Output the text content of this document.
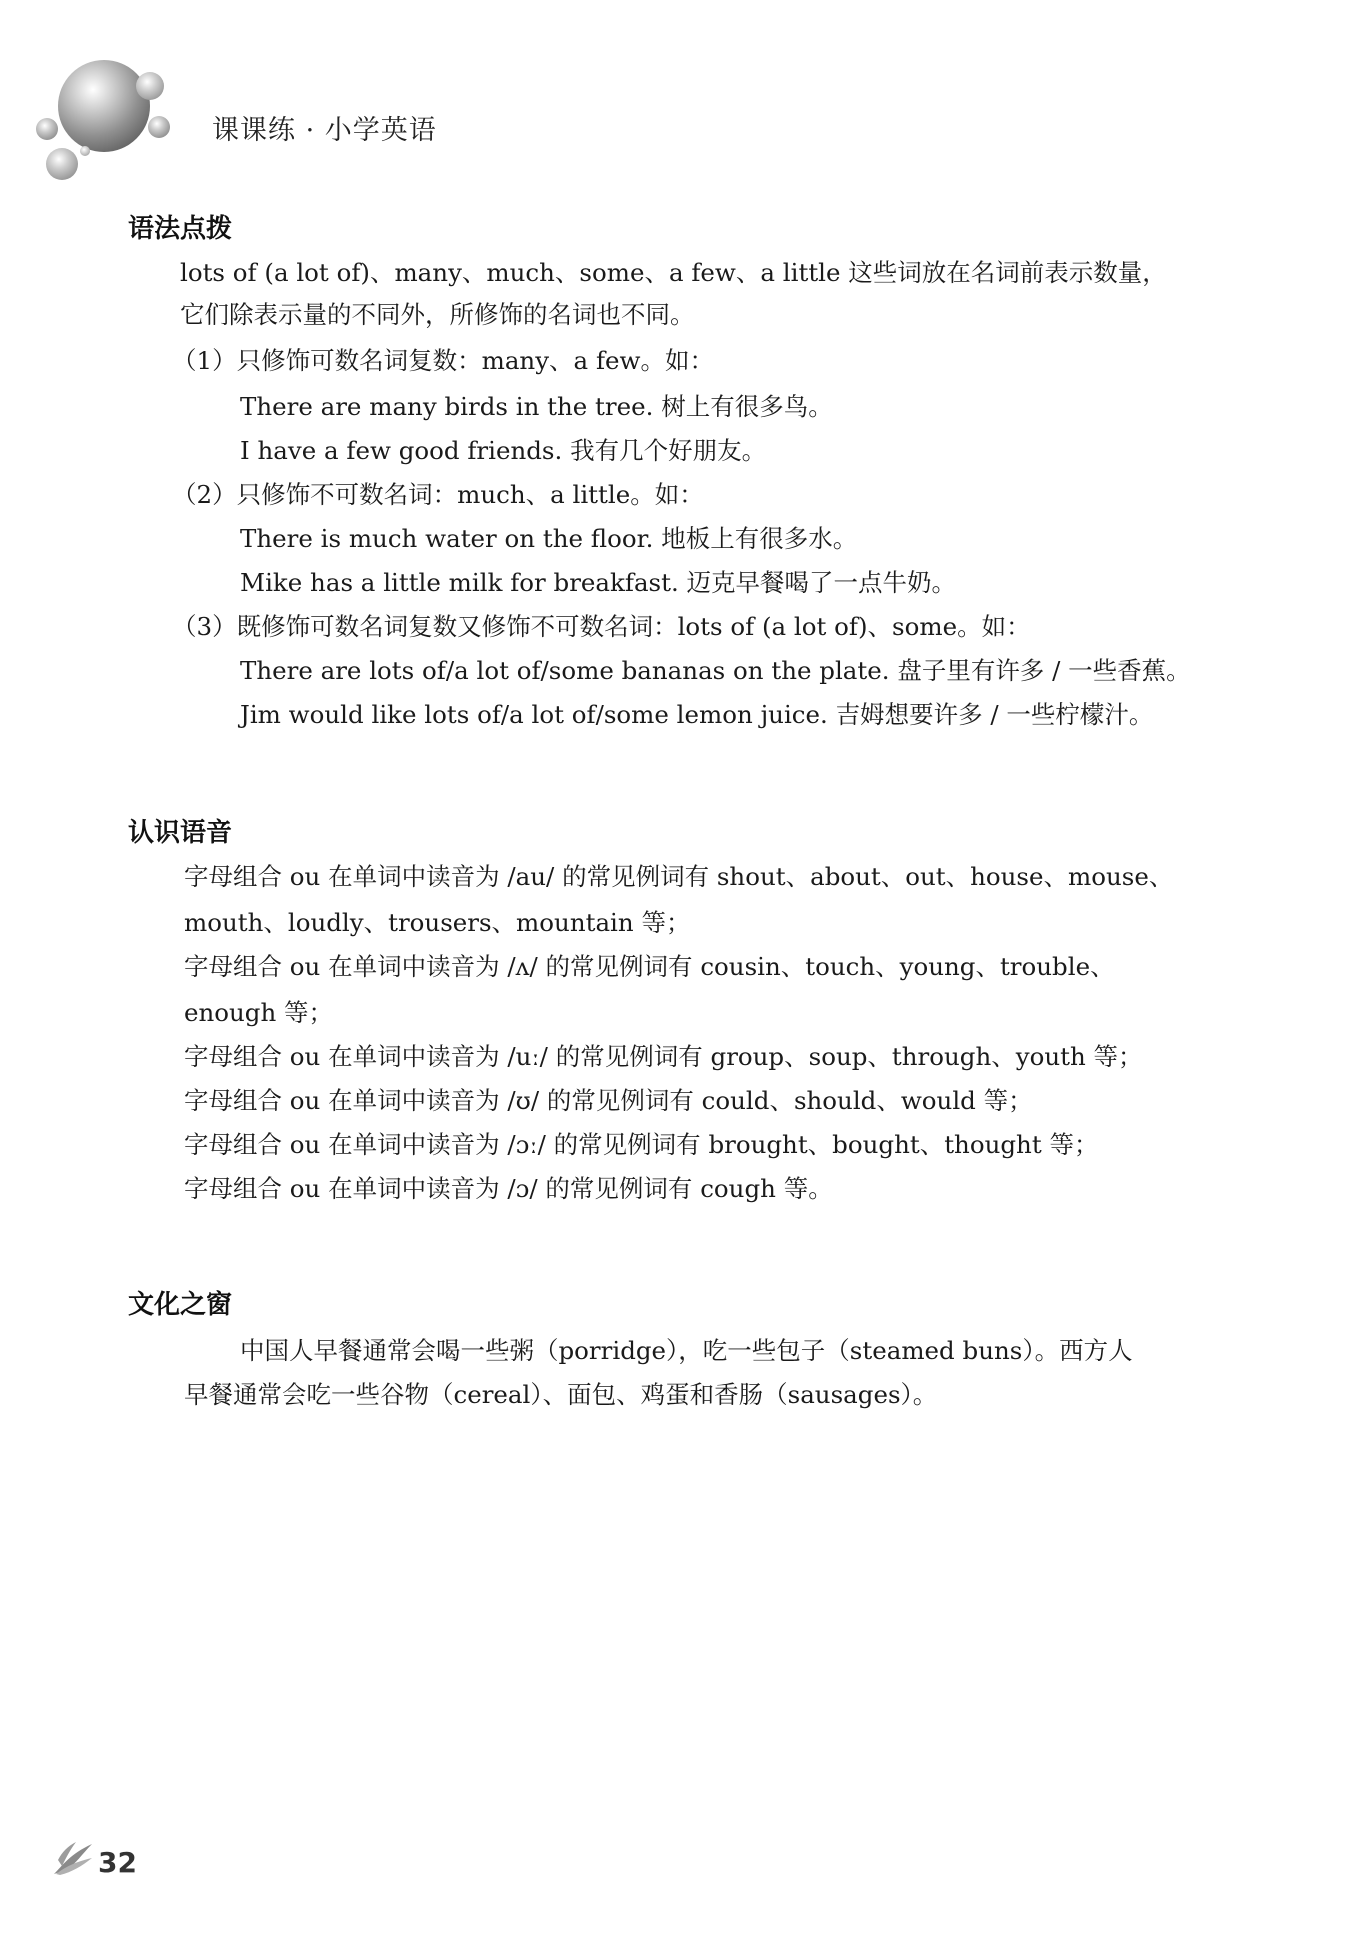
课课练 · 小学英语
语法点拨
lots of (a lot of)、many、much、some、a few、a little 这些词放在名词前表示数量，
它们除表示量的不同外，所修饰的名词也不同。
（1）只修饰可数名词复数：many、a few。如：
There are many birds in the tree. 树上有很多鸟。
I have a few good friends. 我有几个好朋友。
（2）只修饰不可数名词：much、a little。如：
There is much water on the floor. 地板上有很多水。
Mike has a little milk for breakfast. 迈克早餐喝了一点牛奶。
（3）既修饰可数名词复数又修饰不可数名词：lots of (a lot of)、some。如：
There are lots of/a lot of/some bananas on the plate. 盘子里有许多 / 一些香蕉。
Jim would like lots of/a lot of/some lemon juice. 吉姆想要许多 / 一些柠檬汁。
认识语音
字母组合 ou 在单词中读音为 /au/ 的常见例词有 shout、about、out、house、mouse、
mouth、loudly、trousers、mountain 等；
字母组合 ou 在单词中读音为 /ʌ/ 的常见例词有 cousin、touch、young、trouble、
enough 等；
字母组合 ou 在单词中读音为 /uː/ 的常见例词有 group、soup、through、youth 等；
字母组合 ou 在单词中读音为 /ʊ/ 的常见例词有 could、should、would 等；
字母组合 ou 在单词中读音为 /ɔː/ 的常见例词有 brought、bought、thought 等；
字母组合 ou 在单词中读音为 /ɔ/ 的常见例词有 cough 等。
文化之窗
中国人早餐通常会喝一些粥（porridge），吃一些包子（steamed buns）。西方人
早餐通常会吃一些谷物（cereal）、面包、鸡蛋和香肠（sausages）。
32
